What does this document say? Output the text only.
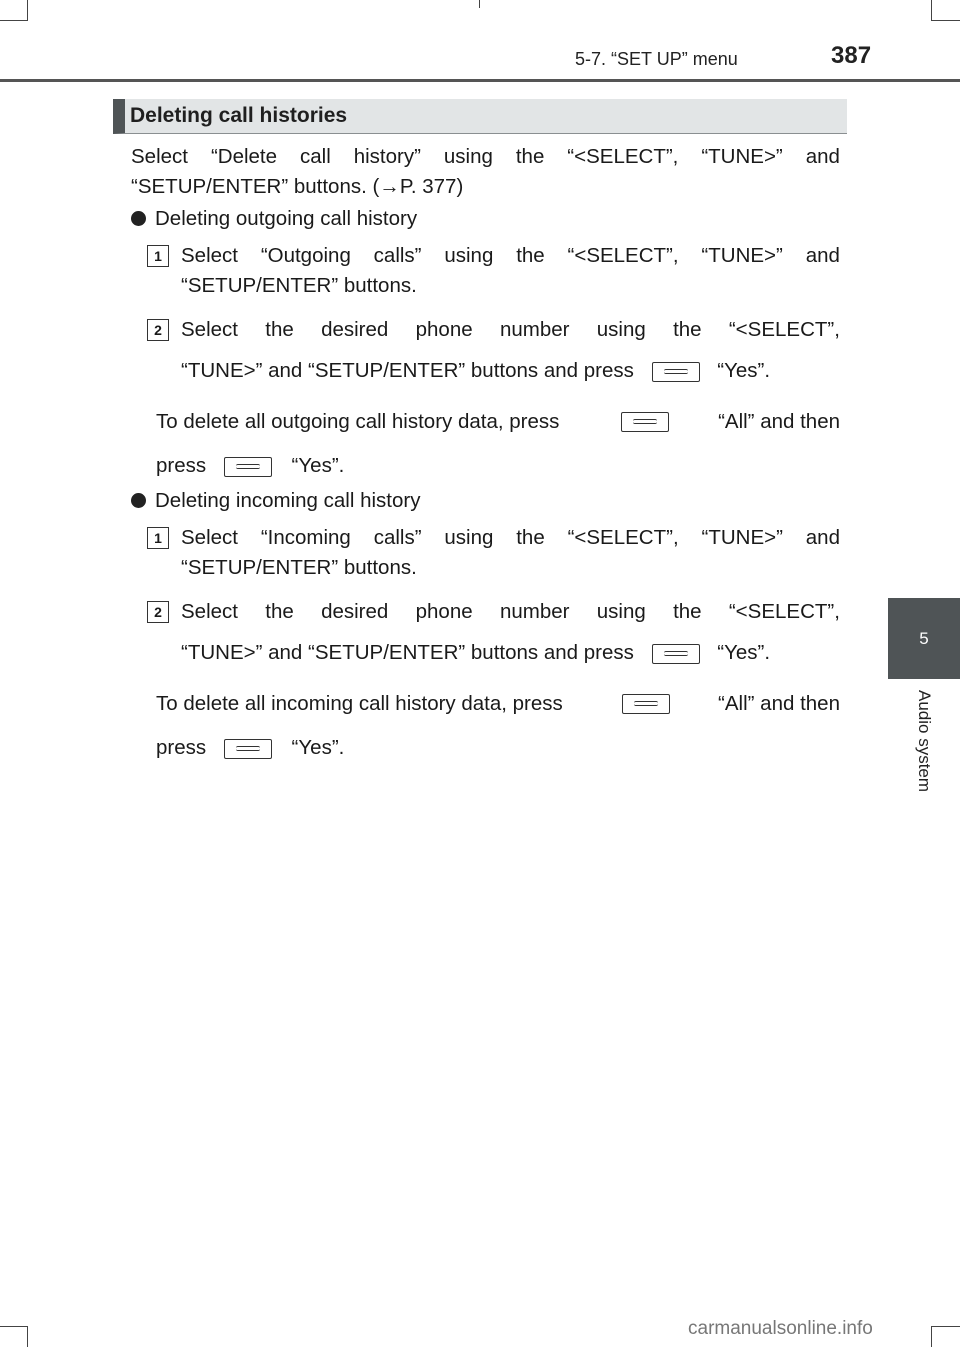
5-7. “SET UP” menu	387
5
Audio system
Deleting call histories
Select “Delete call history” using the “<SELECT”, “TUNE>” and
“SETUP/ENTER” buttons. (→P. 377)
Deleting outgoing call history
1 Select “Outgoing calls” using the “<SELECT”, “TUNE>” and
“SETUP/ENTER” buttons.
2 Select the desired phone number using the “<SELECT”,
“TUNE>” and “SETUP/ENTER” buttons and press	“Yes”.
To delete all outgoing call history data, press	“All” and then
press	“Yes”.
Deleting incoming call history
1 Select “Incoming calls” using the “<SELECT”, “TUNE>” and
“SETUP/ENTER” buttons.
2 Select the desired phone number using the “<SELECT”,
“TUNE>” and “SETUP/ENTER” buttons and press	“Yes”.
To delete all incoming call history data, press	“All” and then
press	“Yes”.
carmanualsonline.info
